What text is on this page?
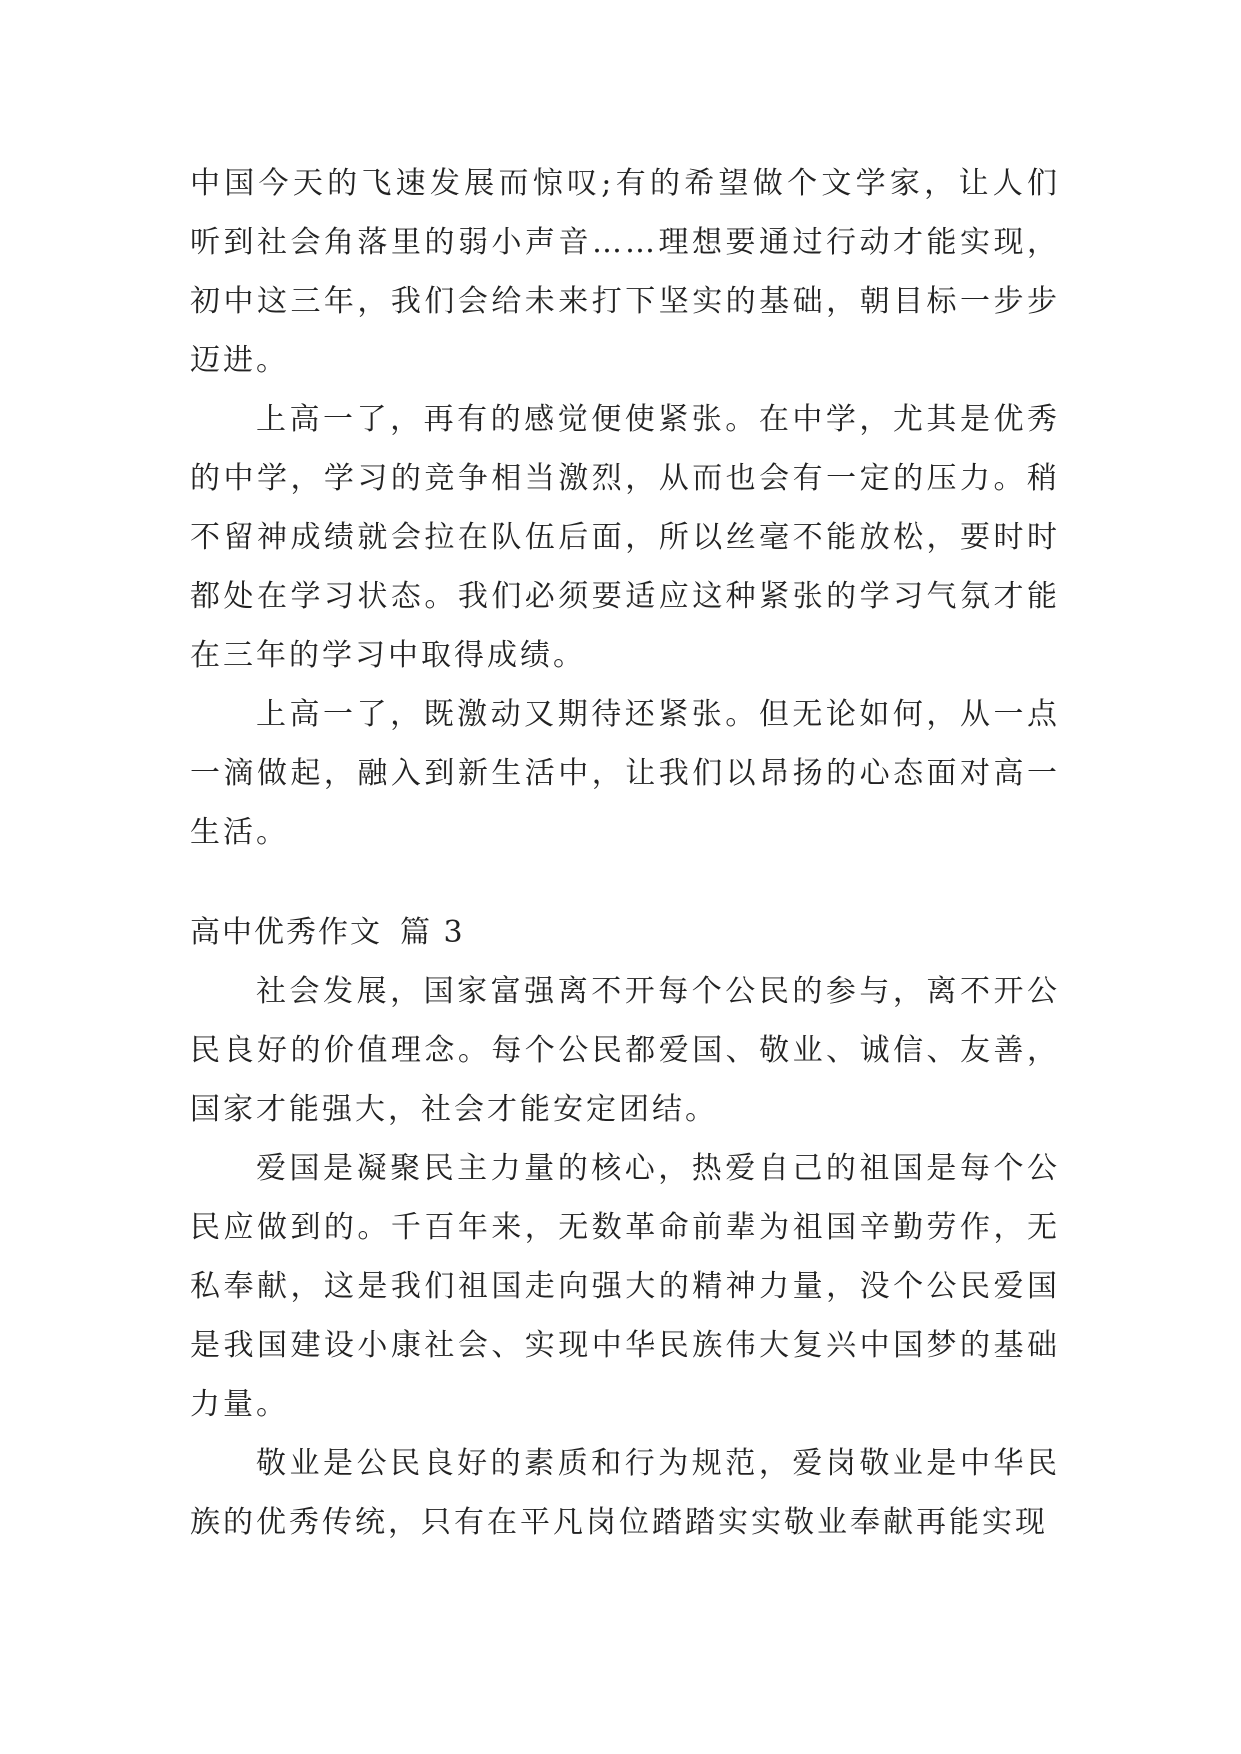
中国今天的飞速发展而惊叹;有的希望做个文学家，让人们听到社会角落里的弱小声音……理想要通过行动才能实现，初中这三年，我们会给未来打下坚实的基础，朝目标一步步迈进。

上高一了，再有的感觉便使紧张。在中学，尤其是优秀的中学，学习的竞争相当激烈，从而也会有一定的压力。稍不留神成绩就会拉在队伍后面，所以丝毫不能放松，要时时都处在学习状态。我们必须要适应这种紧张的学习气氛才能在三年的学习中取得成绩。

上高一了，既激动又期待还紧张。但无论如何，从一点一滴做起，融入到新生活中，让我们以昂扬的心态面对高一生活。

高中优秀作文 篇 3

社会发展，国家富强离不开每个公民的参与，离不开公民良好的价值理念。每个公民都爱国、敬业、诚信、友善，国家才能强大，社会才能安定团结。

爱国是凝聚民主力量的核心，热爱自己的祖国是每个公民应做到的。千百年来，无数革命前辈为祖国辛勤劳作，无私奉献，这是我们祖国走向强大的精神力量，没个公民爱国是我国建设小康社会、实现中华民族伟大复兴中国梦的基础力量。

敬业是公民良好的素质和行为规范，爱岗敬业是中华民族的优秀传统，只有在平凡岗位踏踏实实敬业奉献再能实现
